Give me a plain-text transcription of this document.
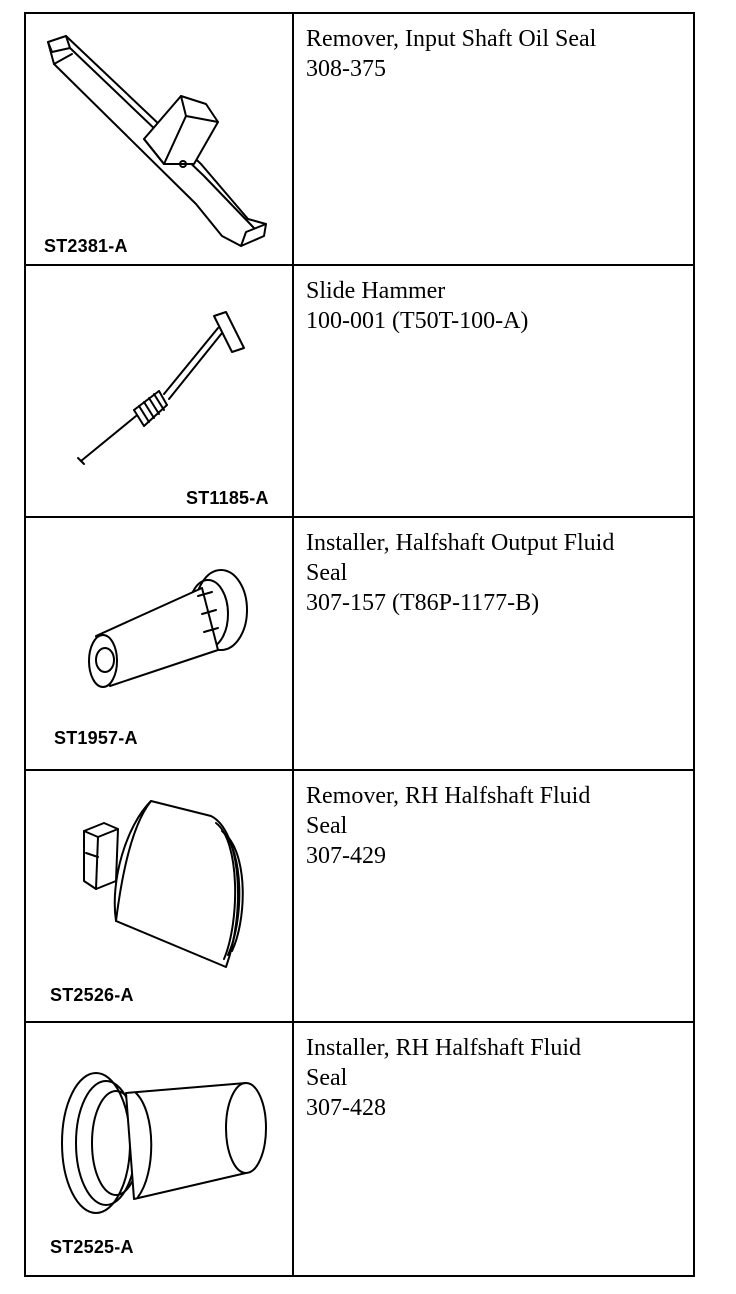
ST2381-A
Remover, Input Shaft Oil Seal
308-375
ST1185-A
Slide Hammer
100-001 (T50T-100-A)
ST1957-A
Installer, Halfshaft Output Fluid
Seal
307-157 (T86P-1177-B)
ST2526-A
Remover, RH Halfshaft Fluid
Seal
307-429
ST2525-A
Installer, RH Halfshaft Fluid
Seal
307-428
